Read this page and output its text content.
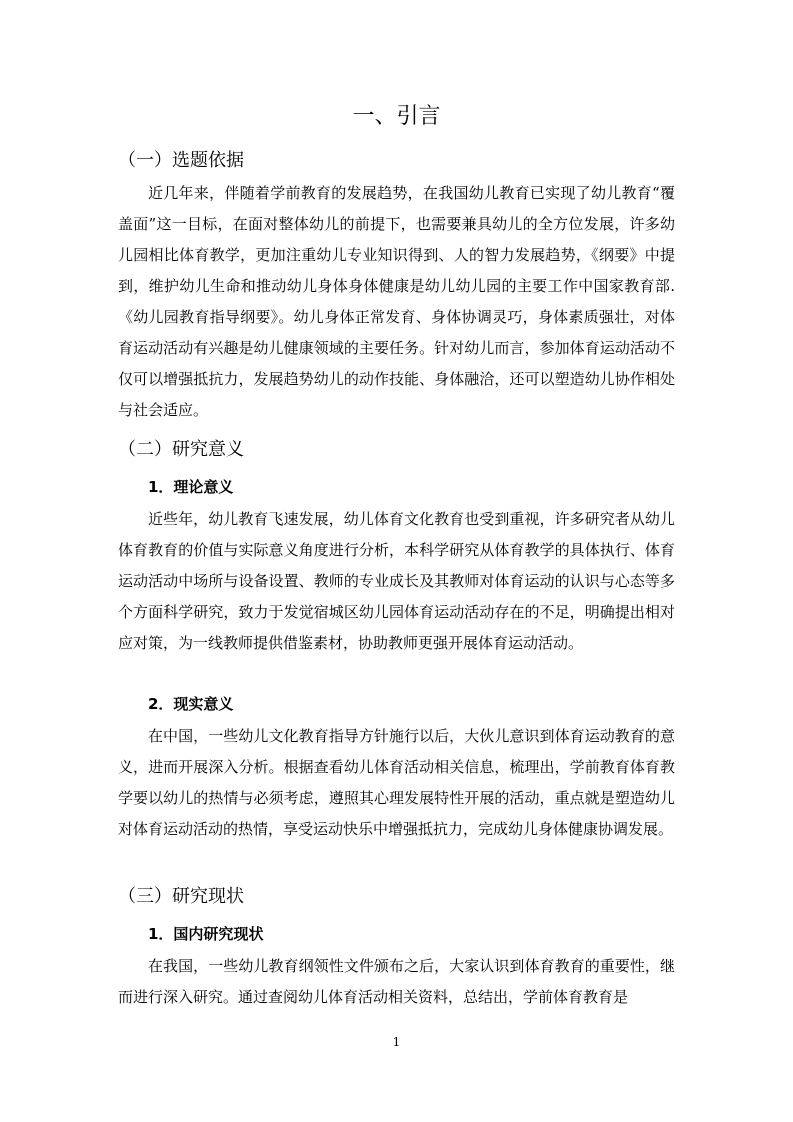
一、引言
（一）选题依据

近几年来，伴随着学前教育的发展趋势，在我国幼儿教育已实现了幼儿教育“覆盖面”这一目标，在面对整体幼儿的前提下，也需要兼具幼儿的全方位发展，许多幼儿园相比体育教学，更加注重幼儿专业知识得到、人的智力发展趋势，《纲要》中提到，维护幼儿生命和推动幼儿身体身体健康是幼儿幼儿园的主要工作中国家教育部.《幼儿园教育指导纲要》。幼儿身体正常发育、身体协调灵巧，身体素质强壮，对体育运动活动有兴趣是幼儿健康领域的主要任务。针对幼儿而言，参加体育运动活动不仅可以增强抵抗力，发展趋势幼儿的动作技能、身体融洽，还可以塑造幼儿协作相处与社会适应。

（二）研究意义
1．理论意义

近些年，幼儿教育飞速发展，幼儿体育文化教育也受到重视，许多研究者从幼儿体育教育的价值与实际意义角度进行分析，本科学研究从体育教学的具体执行、体育运动活动中场所与设备设置、教师的专业成长及其教师对体育运动的认识与心态等多个方面科学研究，致力于发觉宿城区幼儿园体育运动活动存在的不足，明确提出相对应对策，为一线教师提供借鉴素材，协助教师更强开展体育运动活动。

2．现实意义

在中国，一些幼儿文化教育指导方针施行以后，大伙儿意识到体育运动教育的意义，进而开展深入分析。根据查看幼儿体育活动相关信息，梳理出，学前教育体育教学要以幼儿的热情与必须考虑，遵照其心理发展特性开展的活动，重点就是塑造幼儿对体育运动活动的热情，享受运动快乐中增强抵抗力，完成幼儿身体健康协调发展。

（三）研究现状
1．国内研究现状

在我国，一些幼儿教育纲领性文件颁布之后，大家认识到体育教育的重要性，继而进行深入研究。通过查阅幼儿体育活动相关资料，总结出，学前体育教育是

1
